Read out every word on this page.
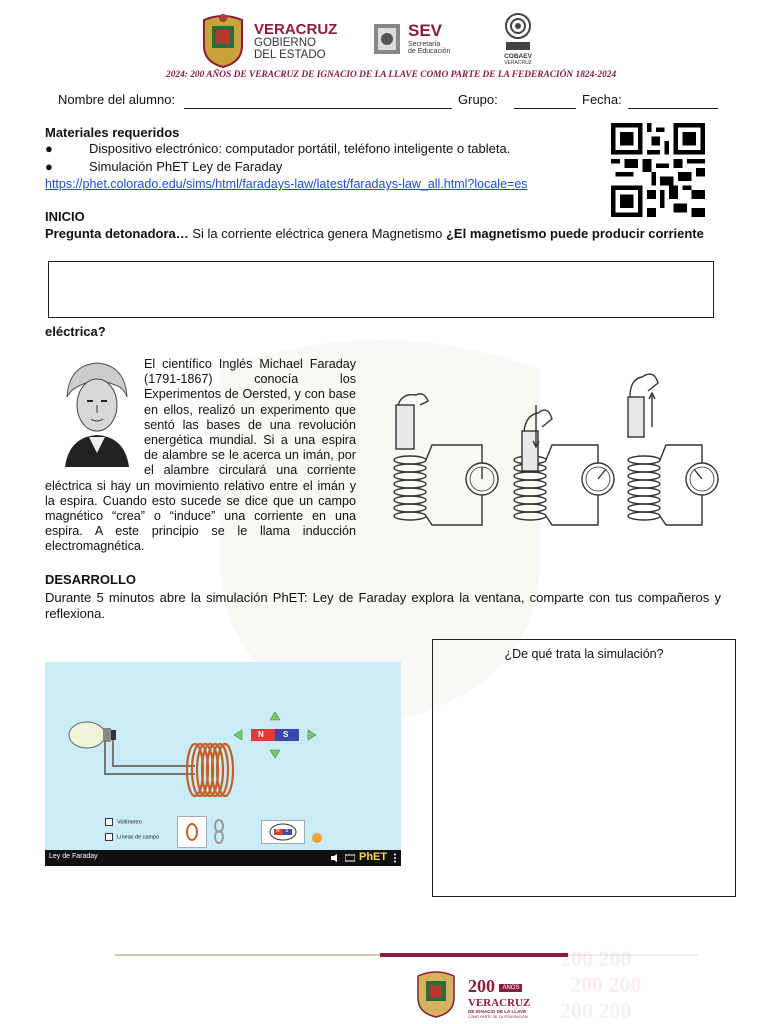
VERACRUZ
GOBIERNO
DEL ESTADO
SEV
Secretaría
de Educación
COBAEV
VERACRUZ
2024: 200 AÑOS DE VERACRUZ DE IGNACIO DE LA LLAVE COMO PARTE DE LA FEDERACIÓN 1824-2024
Nombre del alumno:	Grupo:	Fecha:
Materiales requeridos
●	Dispositivo electrónico: computador portátil, teléfono inteligente o tableta.
●	Simulación PhET Ley de Faraday
https://phet.colorado.edu/sims/html/faradays-law/latest/faradays-law_all.html?locale=es
INICIO
Pregunta detonadora… Si la corriente eléctrica genera Magnetismo ¿El magnetismo puede producir corriente
eléctrica?
El científico Inglés Michael Faraday (1791-1867) conocía los Experimentos de Oersted, y con base en ellos, realizó un experimento que sentó las bases de una revolución energética mundial. Si a una espira de alambre se le acerca un imán, por el alambre circulará una corriente eléctrica si hay un movimiento relativo entre el imán y la espira. Cuando esto sucede se dice que un campo magnético “crea” o “induce” una corriente en una espira. A este principio se le llama inducción electromagnética.
DESARROLLO
Durante 5 minutos abre la simulación PhET: Ley de Faraday explora la ventana, comparte con tus compañeros y reflexiona.
N S
Voltímetro
Líneas de campo
N S
Ley de Faraday	PhET
¿De qué trata la simulación?
200 AÑOS
VERACRUZ
DE IGNACIO DE LA LLAVE
COMO PARTE DE LA FEDERACIÓN
200 200
200 200
200 200
